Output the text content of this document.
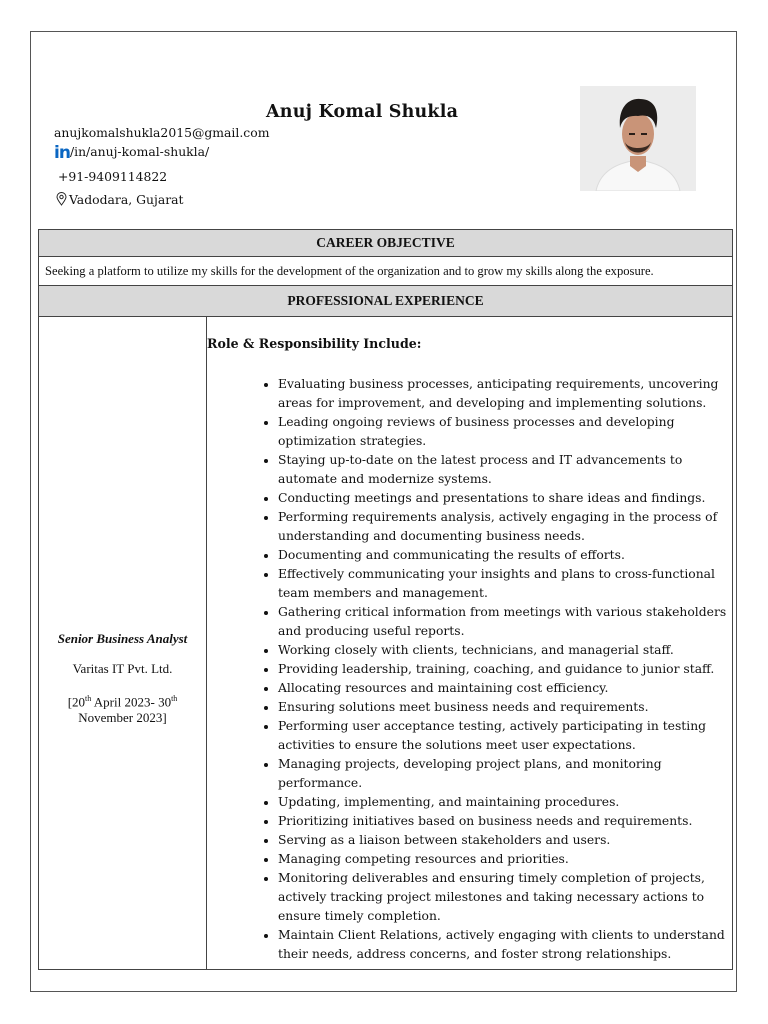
Anuj Komal Shukla
anujkomalshukla2015@gmail.com
in/in/anuj-komal-shukla/
+91-9409114822
Vadodara, Gujarat
CAREER OBJECTIVE
Seeking a platform to utilize my skills for the development of the organization and to grow my skills along the exposure.
PROFESSIONAL EXPERIENCE

Senior Business Analyst
Varitas IT Pvt. Ltd.
[20th April 2023- 30th
November 2023]

Role & Responsibility Include:
• Evaluating business processes, anticipating requirements, uncovering areas for improvement, and developing and implementing solutions.
• Leading ongoing reviews of business processes and developing optimization strategies.
• Staying up-to-date on the latest process and IT advancements to automate and modernize systems.
• Conducting meetings and presentations to share ideas and findings.
• Performing requirements analysis, actively engaging in the process of understanding and documenting business needs.
• Documenting and communicating the results of efforts.
• Effectively communicating your insights and plans to cross-functional team members and management.
• Gathering critical information from meetings with various stakeholders and producing useful reports.
• Working closely with clients, technicians, and managerial staff.
• Providing leadership, training, coaching, and guidance to junior staff.
• Allocating resources and maintaining cost efficiency.
• Ensuring solutions meet business needs and requirements.
• Performing user acceptance testing, actively participating in testing activities to ensure the solutions meet user expectations.
• Managing projects, developing project plans, and monitoring performance.
• Updating, implementing, and maintaining procedures.
• Prioritizing initiatives based on business needs and requirements.
• Serving as a liaison between stakeholders and users.
• Managing competing resources and priorities.
• Monitoring deliverables and ensuring timely completion of projects, actively tracking project milestones and taking necessary actions to ensure timely completion.
• Maintain Client Relations, actively engaging with clients to understand their needs, address concerns, and foster strong relationships.
